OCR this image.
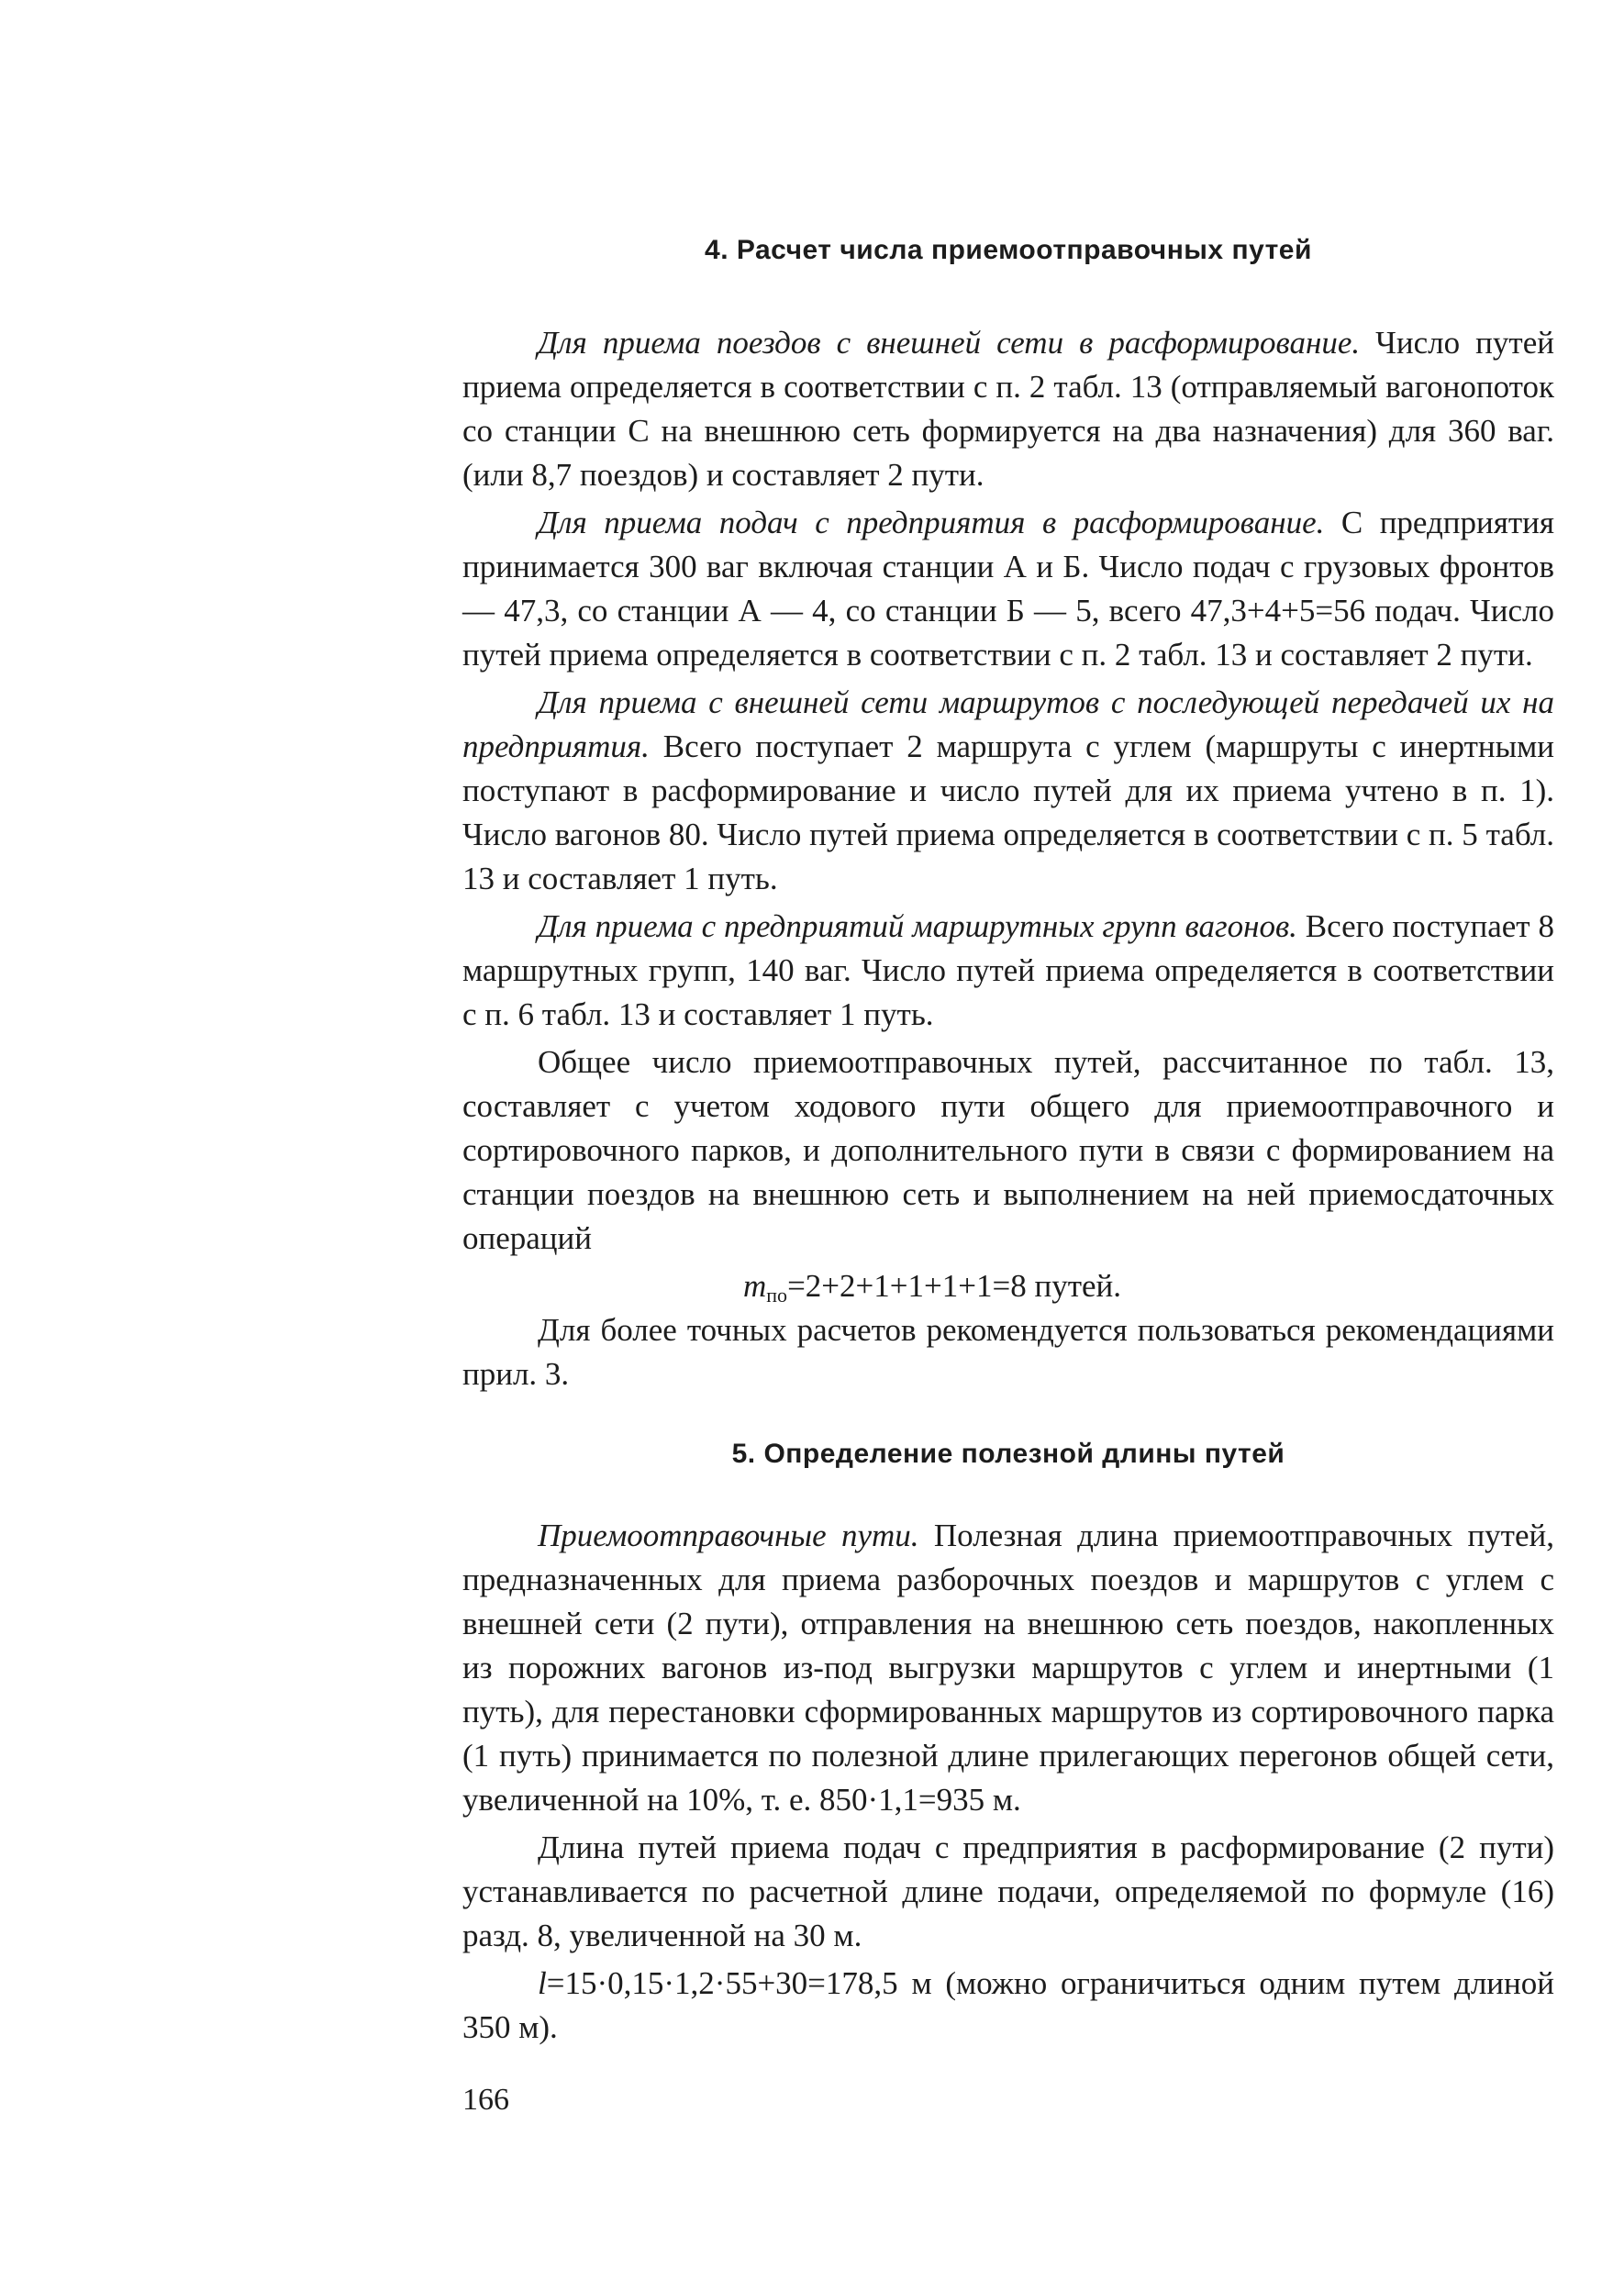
4. Расчет числа приемоотправочных путей

Для приема поездов с внешней сети в расформирование. Число путей приема определяется в соответствии с п. 2 табл. 13 (отправляемый вагонопоток со станции С на внешнюю сеть формируется на два назначения) для 360 ваг. (или 8,7 поездов) и составляет 2 пути.

Для приема подач с предприятия в расформирование. С предприятия принимается 300 ваг включая станции А и Б. Число подач с грузовых фронтов — 47,3, со станции А — 4, со станции Б — 5, всего 47,3+4+5=56 подач. Число путей приема определяется в соответствии с п. 2 табл. 13 и составляет 2 пути.

Для приема с внешней сети маршрутов с последующей передачей их на предприятия. Всего поступает 2 маршрута с углем (маршруты с инертными поступают в расформирование и число путей для их приема учтено в п. 1). Число вагонов 80. Число путей приема определяется в соответствии с п. 5 табл. 13 и составляет 1 путь.

Для приема с предприятий маршрутных групп вагонов. Всего поступает 8 маршрутных групп, 140 ваг. Число путей приема определяется в соответствии с п. 6 табл. 13 и составляет 1 путь.

Общее число приемоотправочных путей, рассчитанное по табл. 13, составляет с учетом ходового пути общего для приемоотправочного и сортировочного парков, и дополнительного пути в связи с формированием на станции поездов на внешнюю сеть и выполнением на ней приемосдаточных операций

$m_{по}=2+2+1+1+1+1=8$ путей.

Для более точных расчетов рекомендуется пользоваться рекомендациями прил. 3.

5. Определение полезной длины путей

Приемоотправочные пути. Полезная длина приемоотправочных путей, предназначенных для приема разборочных поездов и маршрутов с углем с внешней сети (2 пути), отправления на внешнюю сеть поездов, накопленных из порожних вагонов из-под выгрузки маршрутов с углем и инертными (1 путь), для перестановки сформированных маршрутов из сортировочного парка (1 путь) принимается по полезной длине прилегающих перегонов общей сети, увеличенной на 10%, т. е. 850·1,1=935 м.

Длина путей приема подач с предприятия в расформирование (2 пути) устанавливается по расчетной длине подачи, определяемой по формуле (16) разд. 8, увеличенной на 30 м.

l=15·0,15·1,2·55+30=178,5 м (можно ограничиться одним путем длиной 350 м).

166
